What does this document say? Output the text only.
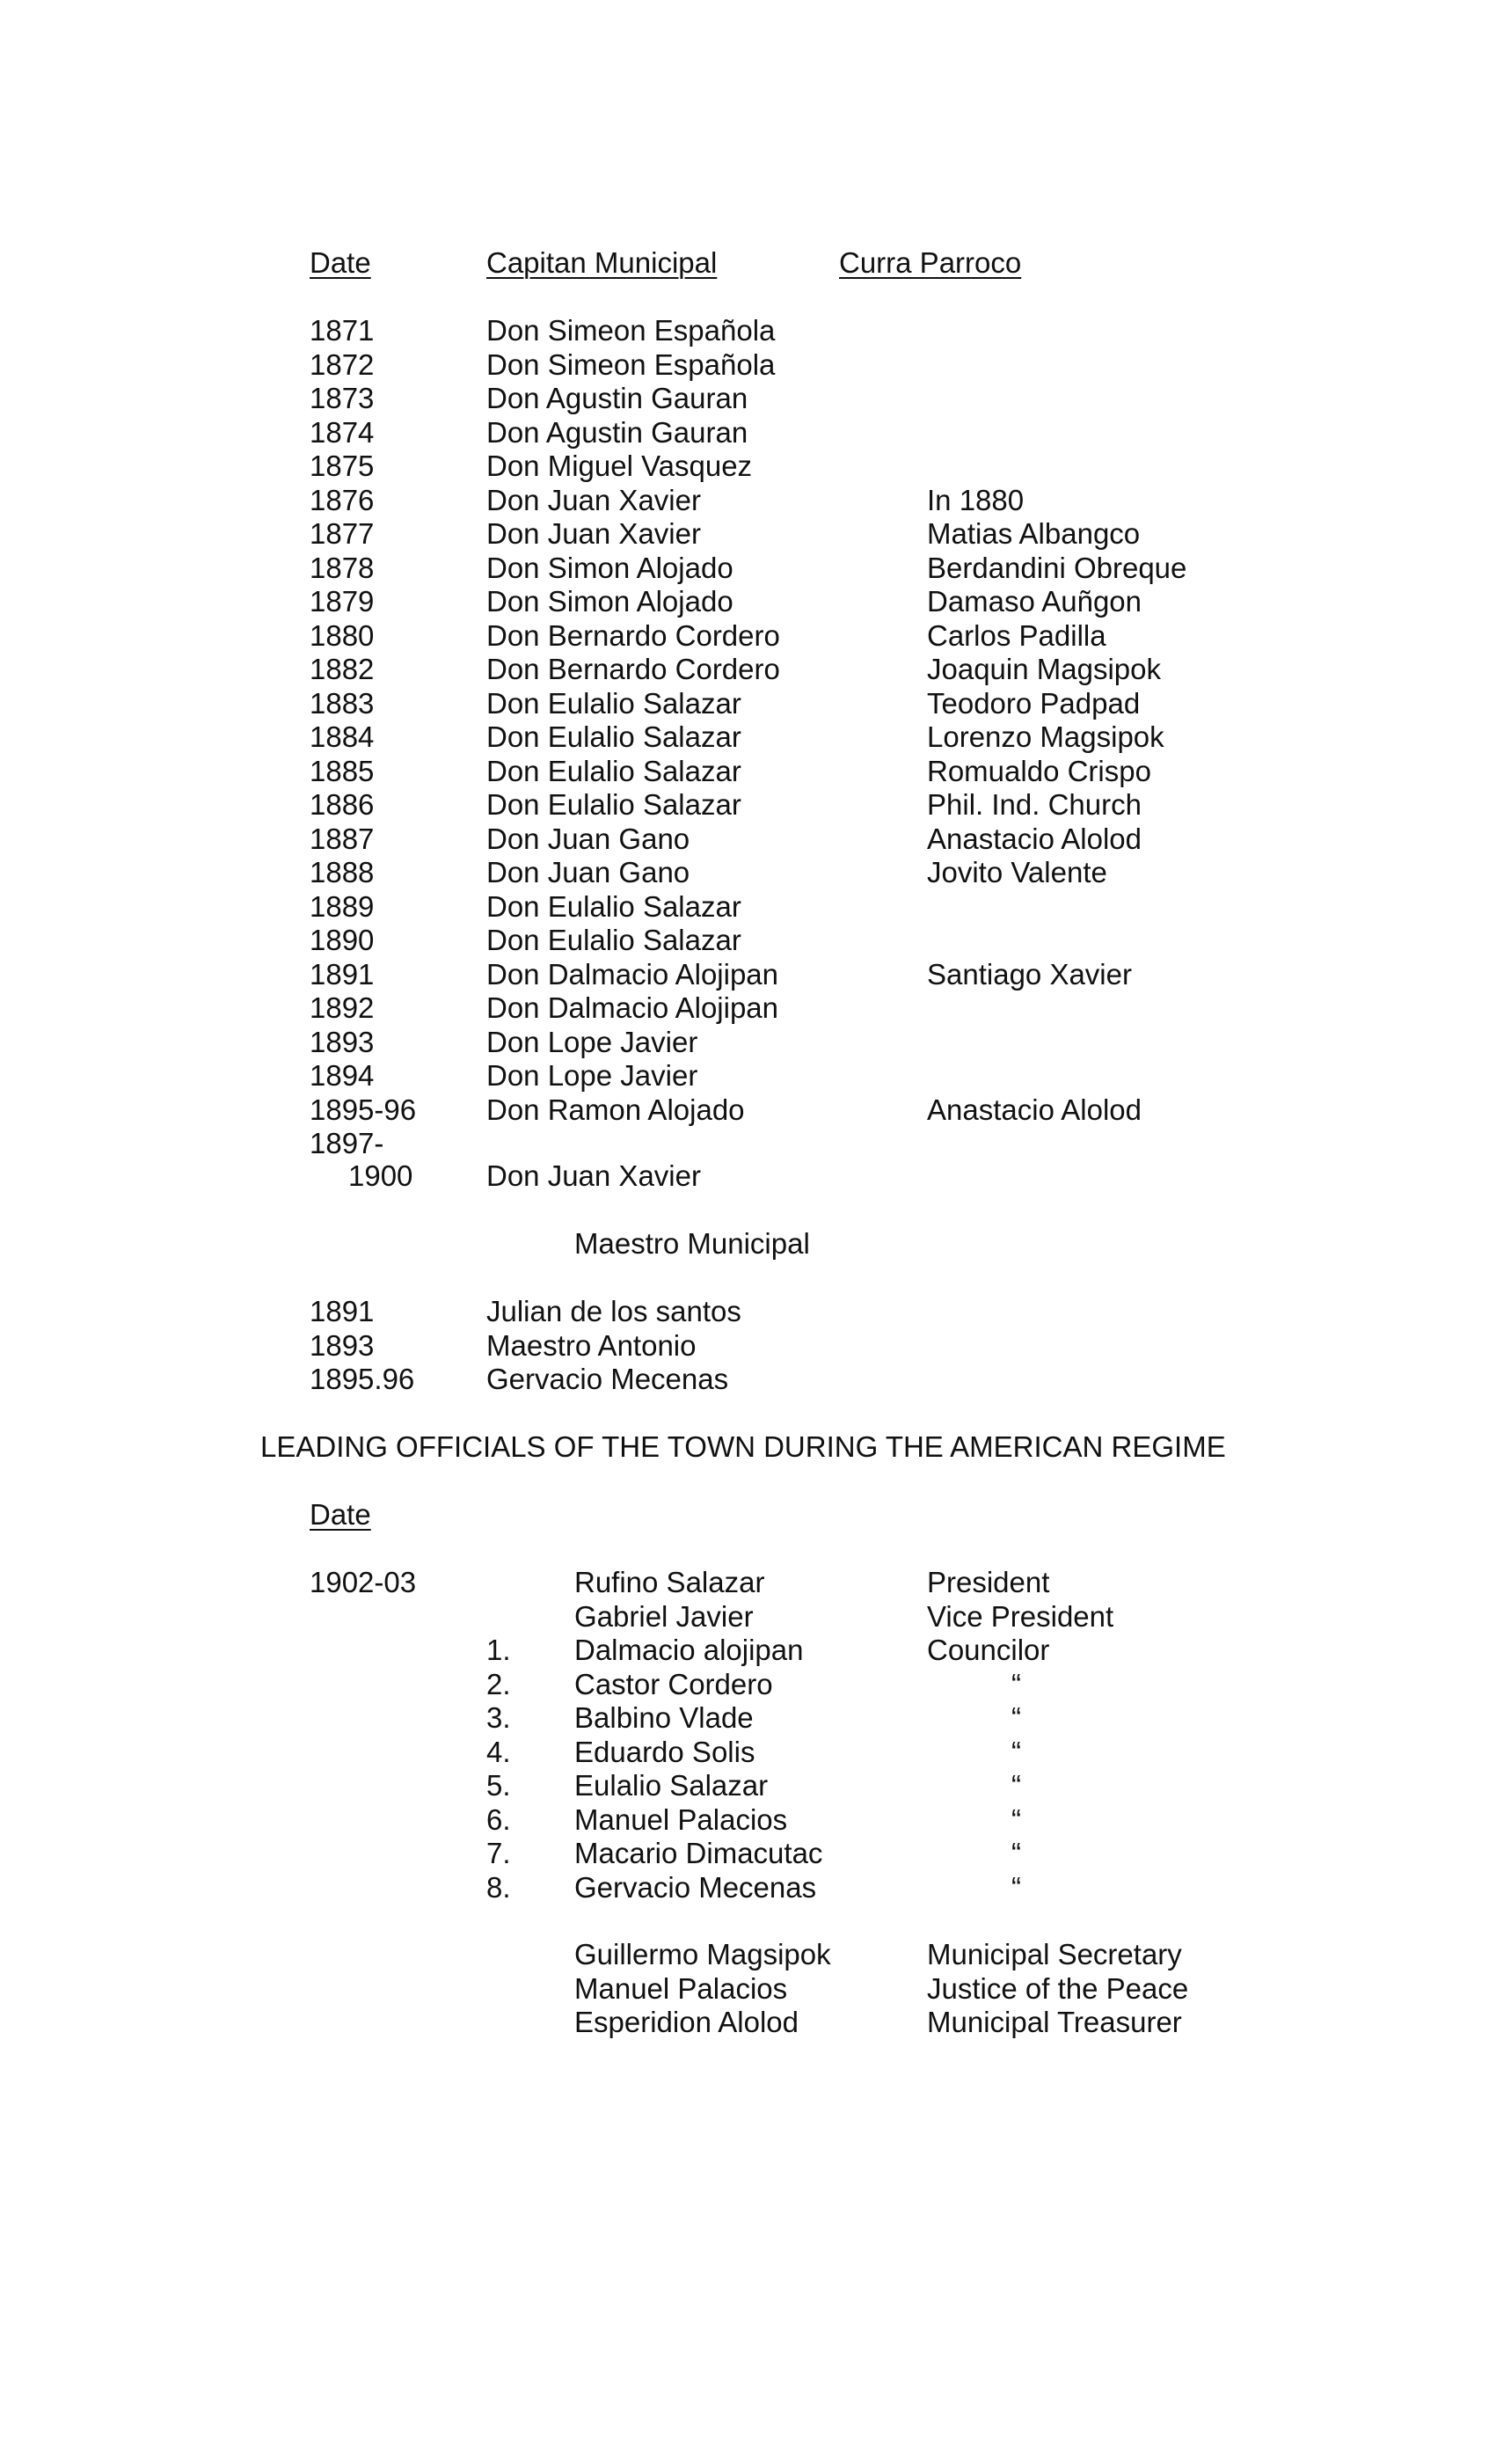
Date	Capitan Municipal	Curra Parroco
1871	Don Simeon Española
1872	Don Simeon Española
1873	Don Agustin Gauran
1874	Don Agustin Gauran
1875	Don Miguel Vasquez
1876	Don Juan Xavier	In 1880
1877	Don Juan Xavier	Matias Albangco
1878	Don Simon Alojado	Berdandini Obreque
1879	Don Simon Alojado	Damaso Auñgon
1880	Don Bernardo Cordero	Carlos Padilla
1882	Don Bernardo Cordero	Joaquin Magsipok
1883	Don Eulalio Salazar	Teodoro Padpad
1884	Don Eulalio Salazar	Lorenzo Magsipok
1885	Don Eulalio Salazar	Romualdo Crispo
1886	Don Eulalio Salazar	Phil. Ind. Church
1887	Don Juan Gano	Anastacio Alolod
1888	Don Juan Gano	Jovito Valente
1889	Don Eulalio Salazar
1890	Don Eulalio Salazar
1891	Don Dalmacio Alojipan	Santiago Xavier
1892	Don Dalmacio Alojipan
1893	Don Lope Javier
1894	Don Lope Javier
1895-96 Don Ramon Alojado	Anastacio Alolod
1897-
1900	Don Juan Xavier
Maestro Municipal
1891	Julian de los santos
1893	Maestro Antonio
1895.96 Gervacio Mecenas
LEADING OFFICIALS OF THE TOWN DURING THE AMERICAN REGIME
Date
1902-03	Rufino Salazar	President
Gabriel Javier	Vice President
1. Dalmacio alojipan	Councilor
2. Castor Cordero	“
3. Balbino Vlade	“
4. Eduardo Solis	“
5. Eulalio Salazar	“
6. Manuel Palacios	“
7. Macario Dimacutac	“
8. Gervacio Mecenas	“
Guillermo Magsipok	Municipal Secretary
Manuel Palacios	Justice of the Peace
Esperidion Alolod	Municipal Treasurer
